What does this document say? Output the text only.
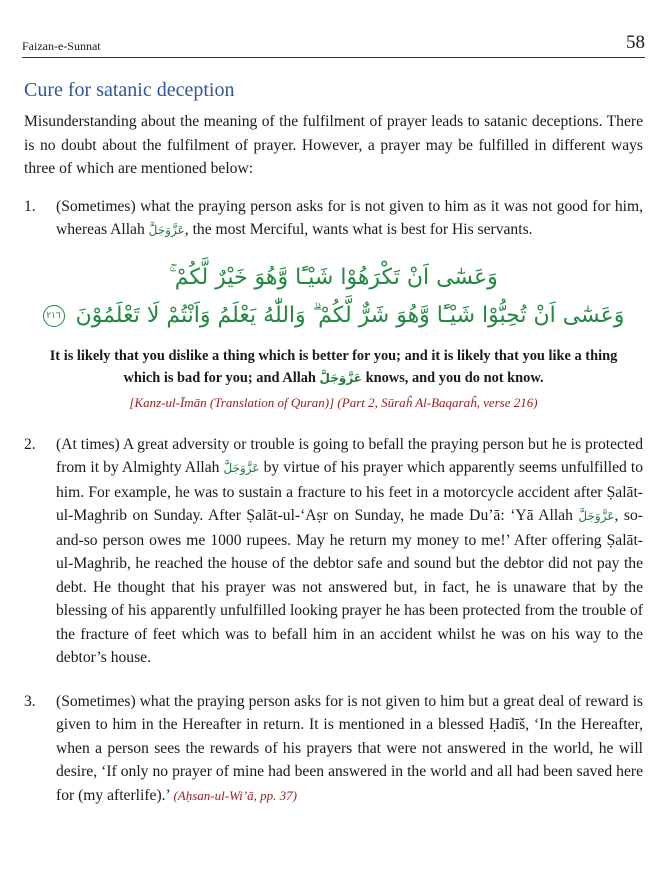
Faizan-e-Sunnat	58
Cure for satanic deception

Misunderstanding about the meaning of the fulfilment of prayer leads to satanic deceptions. There is no doubt about the fulfilment of prayer. However, a prayer may be fulfilled in different ways three of which are mentioned below:

1.	(Sometimes) what the praying person asks for is not given to him as it was not good for him, whereas Allah عَزَّوَجَلَّ, the most Merciful, wants what is best for His servants.
وَعَسٰٓى اَنْ تَكْرَهُوْا شَيْـًٔا وَّهُوَ خَيْرٌ لَّكُمْ ۚ
وَعَسٰٓى اَنْ تُحِبُّوْا شَيْـًٔا وَّهُوَ شَرٌّ لَّكُمْ ۗ وَاللّٰهُ يَعْلَمُ وَاَنْتُمْ لَا تَعْلَمُوْنَ ٢١٦
It is likely that you dislike a thing which is better for you; and it is likely that you like a thing which is bad for you; and Allah عَزَّوَجَلَّ knows, and you do not know.
[Kanz-ul-Īmān (Translation of Quran)] (Part 2, Sūraĥ Al-Baqaraĥ, verse 216)
2.	(At times) A great adversity or trouble is going to befall the praying person but he is protected from it by Almighty Allah عَزَّوَجَلَّ by virtue of his prayer which apparently seems unfulfilled to him. For example, he was to sustain a fracture to his feet in a motorcycle accident after Ṣalāt-ul-Maghrib on Sunday. After Ṣalāt-ul-‘Aṣr on Sunday, he made Du’ā: ‘Yā Allah عَزَّوَجَلَّ, so-and-so person owes me 1000 rupees. May he return my money to me!’ After offering Ṣalāt-ul-Maghrib, he reached the house of the debtor safe and sound but the debtor did not pay the debt. He thought that his prayer was not answered but, in fact, he is unaware that by the blessing of his apparently unfulfilled looking prayer he has been protected from the trouble of the fracture of feet which was to befall him in an accident whilst he was on his way to the debtor’s house.
3.	(Sometimes) what the praying person asks for is not given to him but a great deal of reward is given to him in the Hereafter in return. It is mentioned in a blessed Ḥadīš, ‘In the Hereafter, when a person sees the rewards of his prayers that were not answered in the world, he will desire, ‘If only no prayer of mine had been answered in the world and all had been saved here for (my afterlife).’ (Aḥsan-ul-Wi’ā, pp. 37)
